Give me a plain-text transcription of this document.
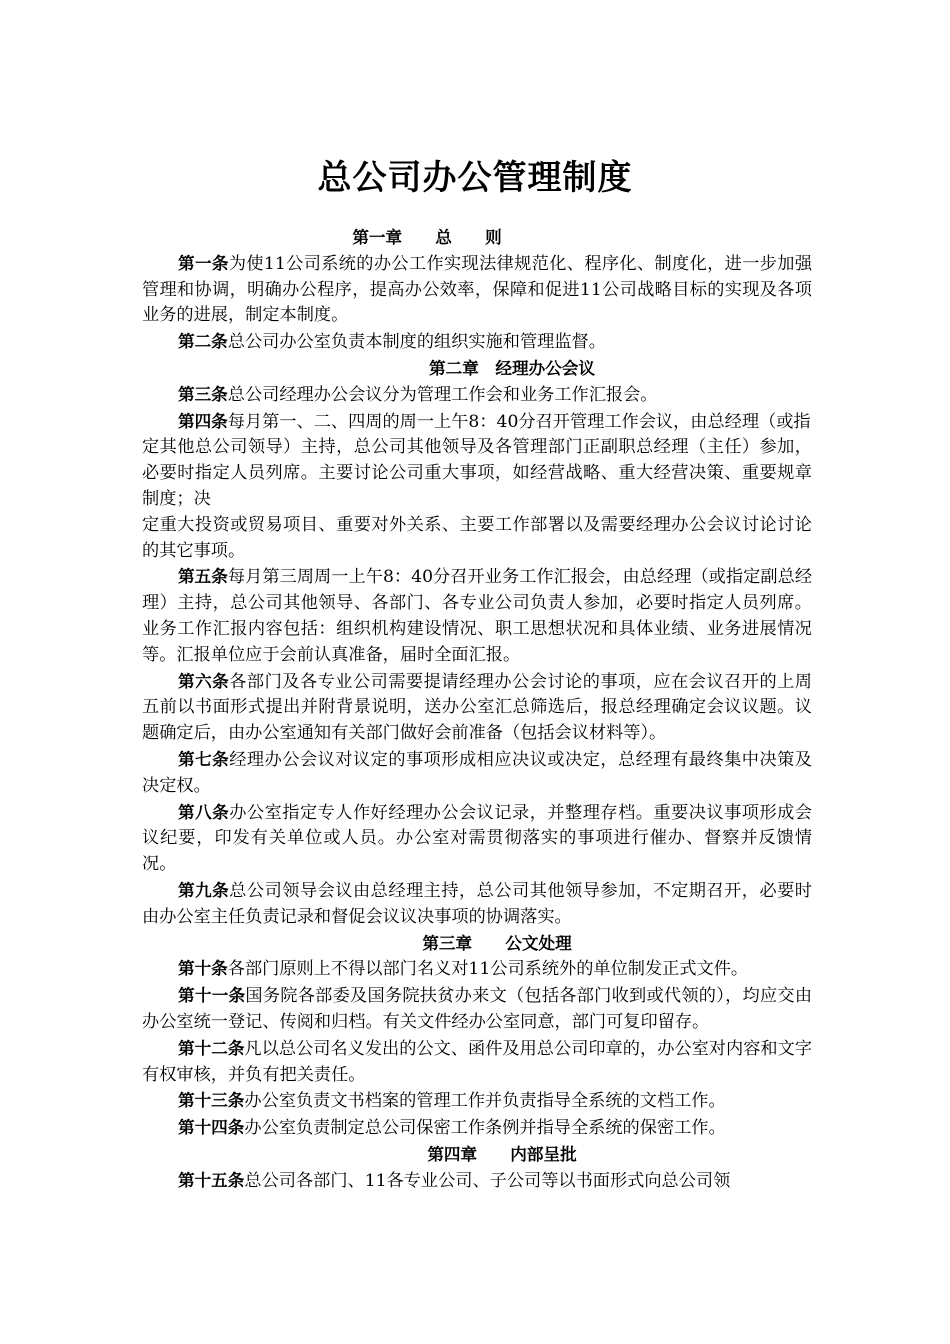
总公司办公管理制度
第一章　　总　　则

第一条为使11公司系统的办公工作实现法律规范化、程序化、制度化，进一步加强管理和协调，明确办公程序，提高办公效率，保障和促进11公司战略目标的实现及各项业务的进展，制定本制度。

第二条总公司办公室负责本制度的组织实施和管理监督。

第二章　经理办公会议

第三条总公司经理办公会议分为管理工作会和业务工作汇报会。

第四条每月第一、二、四周的周一上午8：40分召开管理工作会议，由总经理（或指

定其他总公司领导）主持，总公司其他领导及各管理部门正副职总经理（主任）参加，必要时指定人员列席。主要讨论公司重大事项，如经营战略、重大经营决策、重要规章制度；决

定重大投资或贸易项目、重要对外关系、主要工作部署以及需要经理办公会议讨论讨论的其它事项。

第五条每月第三周周一上午8：40分召开业务工作汇报会，由总经理（或指定副总经理）主持，总公司其他领导、各部门、各专业公司负责人参加，必要时指定人员列席。业务工作汇报内容包括：组织机构建设情况、职工思想状况和具体业绩、业务进展情况等。汇报单位应于会前认真准备，届时全面汇报。

第六条各部门及各专业公司需要提请经理办公会讨论的事项，应在会议召开的上周五前以书面形式提出并附背景说明，送办公室汇总筛选后，报总经理确定会议议题。议题确定后，由办公室通知有关部门做好会前准备（包括会议材料等）。

第七条经理办公会议对议定的事项形成相应决议或决定，总经理有最终集中决策及决定权。

第八条办公室指定专人作好经理办公会议记录，并整理存档。重要决议事项形成会议纪要，印发有关单位或人员。办公室对需贯彻落实的事项进行催办、督察并反馈情况。

第九条总公司领导会议由总经理主持，总公司其他领导参加，不定期召开，必要时由办公室主任负责记录和督促会议议决事项的协调落实。

第三章　　公文处理

第十条各部门原则上不得以部门名义对11公司系统外的单位制发正式文件。

第十一条国务院各部委及国务院扶贫办来文（包括各部门收到或代领的），均应交由办公室统一登记、传阅和归档。有关文件经办公室同意，部门可复印留存。

第十二条凡以总公司名义发出的公文、函件及用总公司印章的，办公室对内容和文字有权审核，并负有把关责任。

第十三条办公室负责文书档案的管理工作并负责指导全系统的文档工作。

第十四条办公室负责制定总公司保密工作条例并指导全系统的保密工作。

第四章　　内部呈批

第十五条总公司各部门、11各专业公司、子公司等以书面形式向总公司领
